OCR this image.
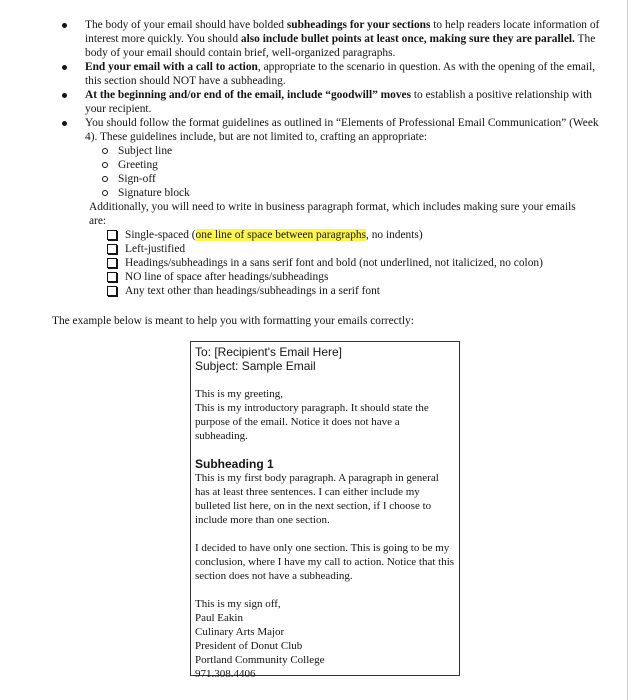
The body of your email should have bolded subheadings for your sections to help readers locate information of interest more quickly. You should also include bullet points at least once, making sure they are parallel. The body of your email should contain brief, well-organized paragraphs.
End your email with a call to action, appropriate to the scenario in question. As with the opening of the email, this section should NOT have a subheading.
At the beginning and/or end of the email, include “goodwill” moves to establish a positive relationship with your recipient.
You should follow the format guidelines as outlined in “Elements of Professional Email Communication” (Week 4). These guidelines include, but are not limited to, crafting an appropriate:
Subject line
Greeting
Sign-off
Signature block

Additionally, you will need to write in business paragraph format, which includes making sure your emails are:

Single-spaced (one line of space between paragraphs, no indents)
Left-justified
Headings/subheadings in a sans serif font and bold (not underlined, not italicized, no colon)
NO line of space after headings/subheadings
Any text other than headings/subheadings in a serif font

The example below is meant to help you with formatting your emails correctly:

To: [Recipient's Email Here]
Subject: Sample Email

This is my greeting,

This is my introductory paragraph. It should state the purpose of the email. Notice it does not have a subheading.

Subheading 1

This is my first body paragraph. A paragraph in general has at least three sentences. I can either include my bulleted list here, on in the next section, if I choose to include more than one section.

I decided to have only one section. This is going to be my conclusion, where I have my call to action. Notice that this section does not have a subheading.

This is my sign off,
Paul Eakin
Culinary Arts Major
President of Donut Club
Portland Community College
971.308.4406
